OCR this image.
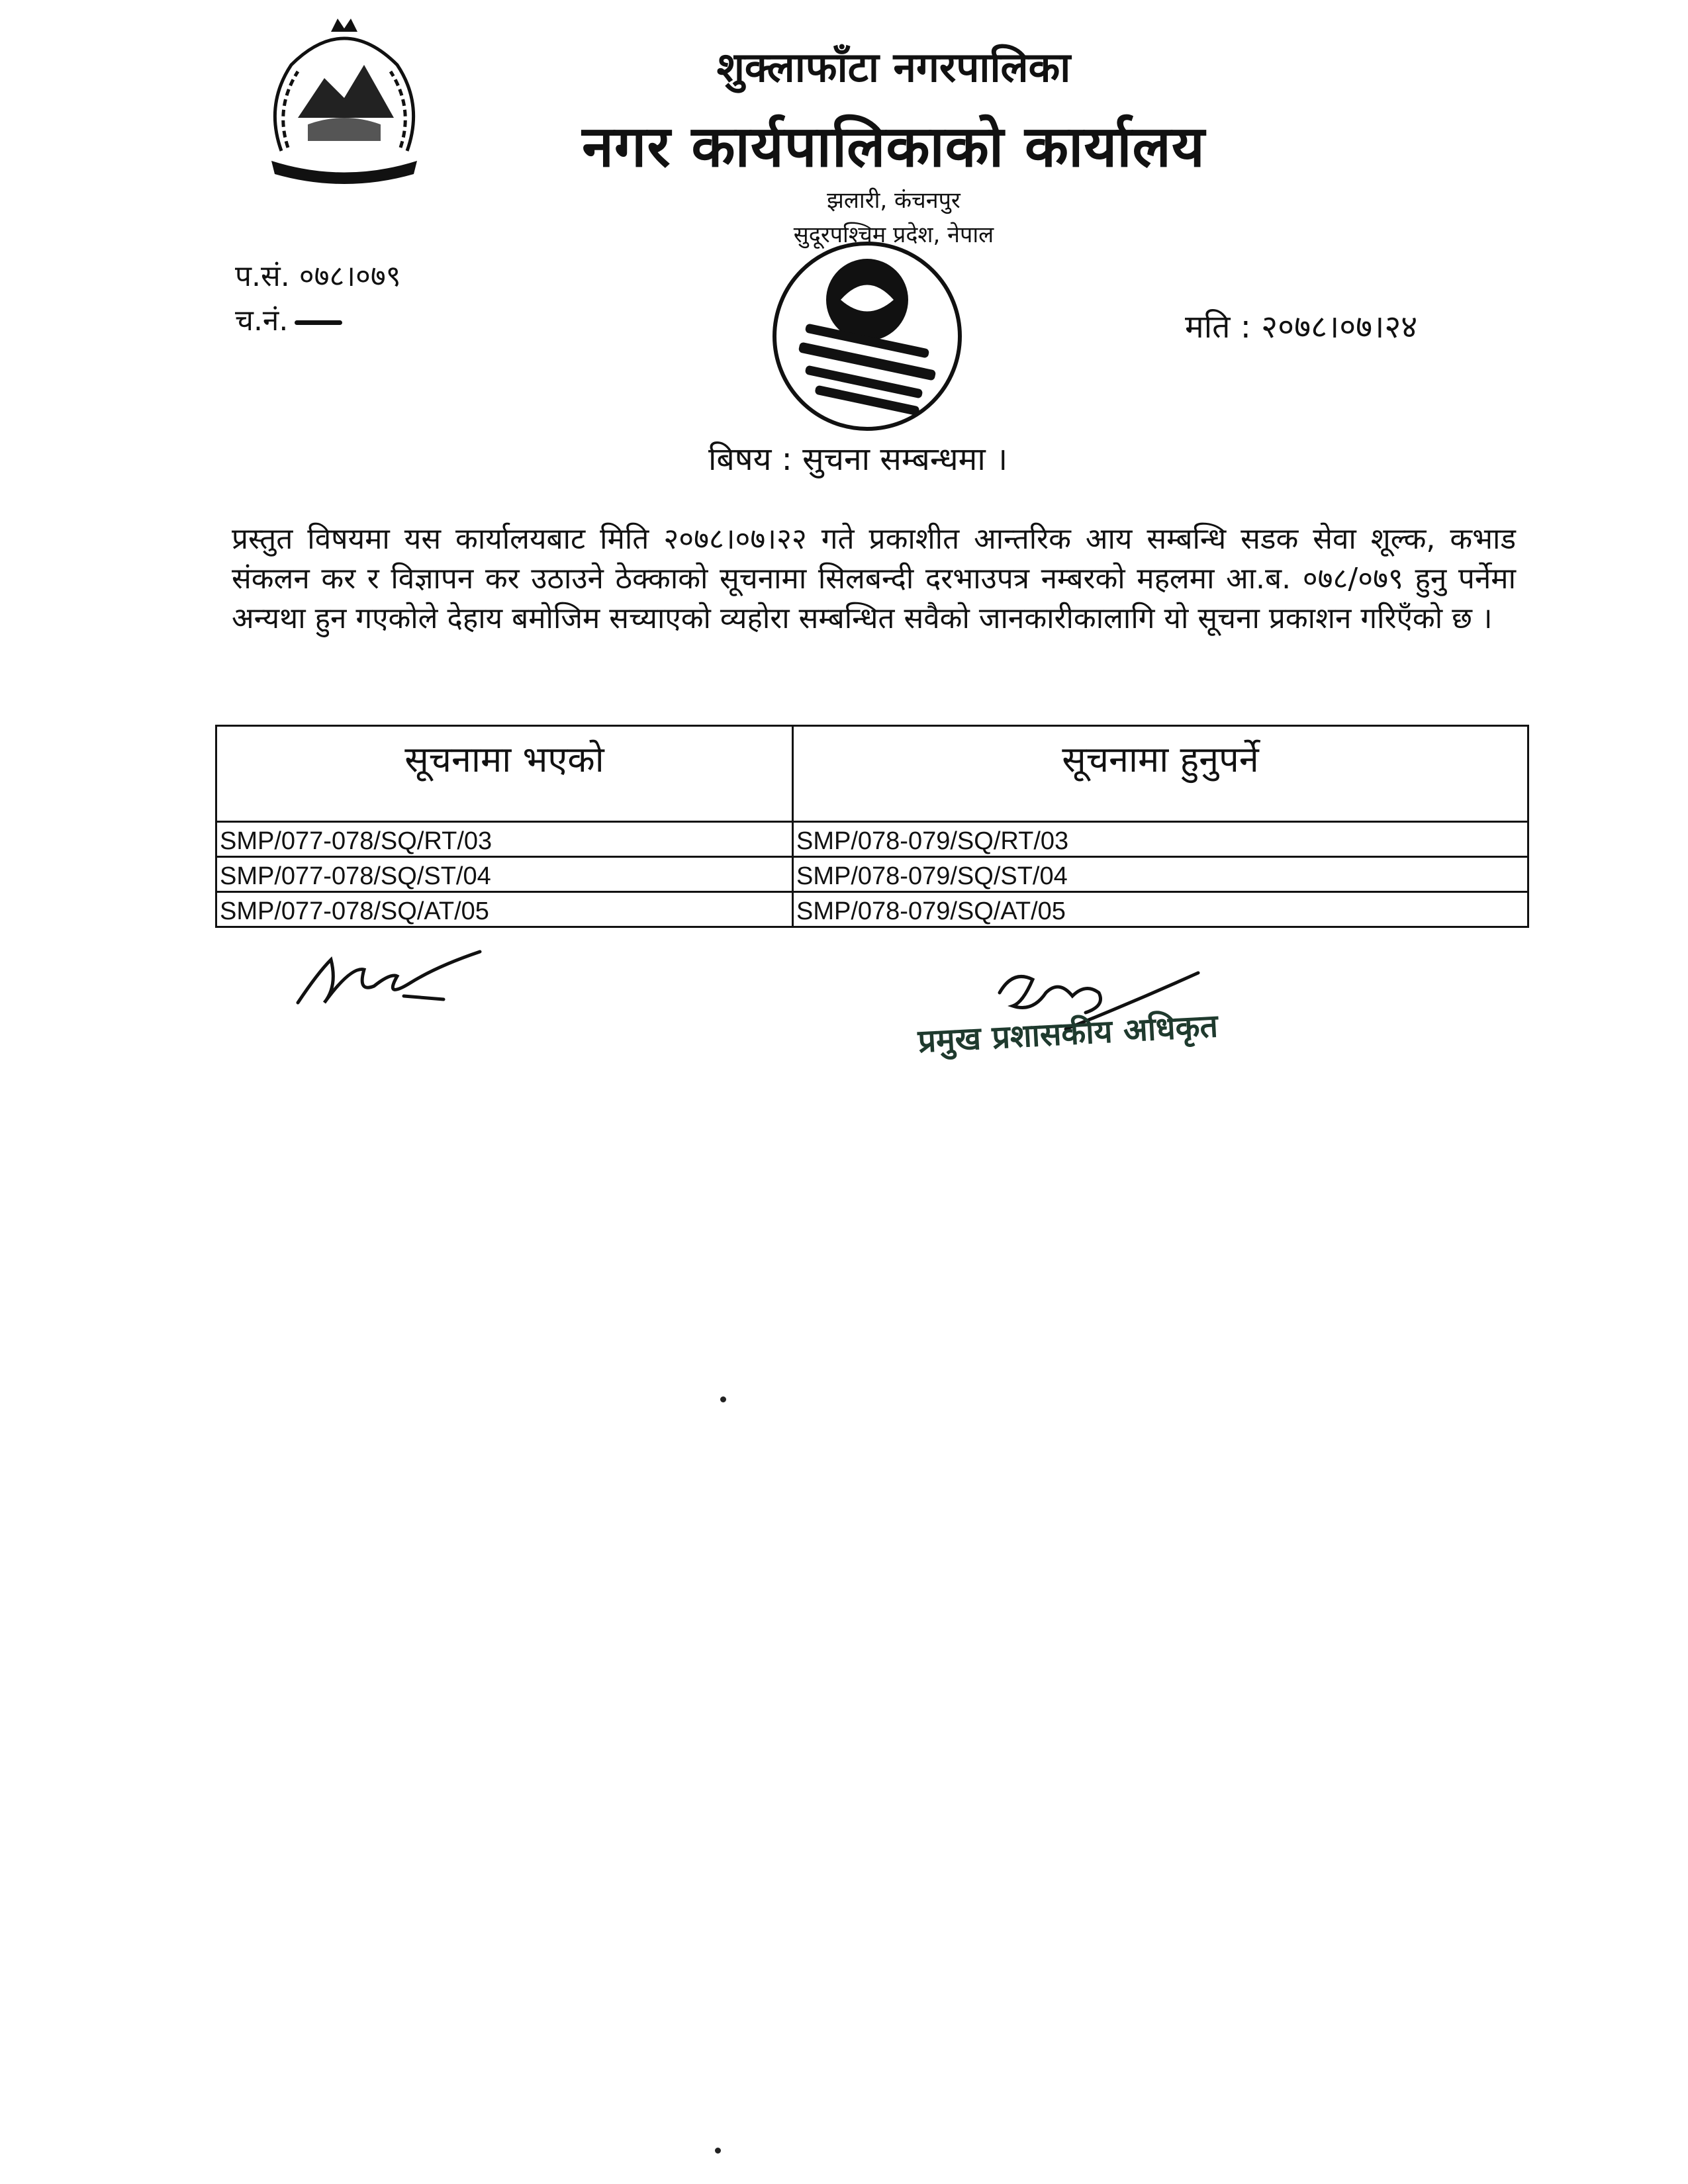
शुक्लाफाँटा नगरपालिका
नगर कार्यपालिकाको कार्यालय
झलारी, कंचनपुर
सुदूरपश्चिम प्रदेश, नेपाल
प.सं. ०७८।०७९
च.नं.	मति : २०७८।०७।२४
बिषय : सुचना सम्बन्धमा ।
प्रस्तुत विषयमा यस कार्यालयबाट मिति २०७८।०७।२२ गते प्रकाशीत आन्तरिक आय सम्बन्धि सडक सेवा शूल्क, कभाड संकलन कर र विज्ञापन कर उठाउने ठेक्काको सूचनामा सिलबन्दी दरभाउपत्र नम्बरको महलमा आ.ब. ०७८/०७९ हुनु पर्नेमा अन्यथा हुन गएकोले देहाय बमोजिम सच्याएको व्यहोरा सम्बन्धित सवैको जानकारीकालागि यो सूचना प्रकाशन गरिएँको छ ।
सूचनामा भएको	सूचनामा हुनुपर्ने
SMP/077-078/SQ/RT/03	SMP/078-079/SQ/RT/03
SMP/077-078/SQ/ST/04	SMP/078-079/SQ/ST/04
SMP/077-078/SQ/AT/05	SMP/078-079/SQ/AT/05
प्रमुख प्रशासकीय अधिकृत
